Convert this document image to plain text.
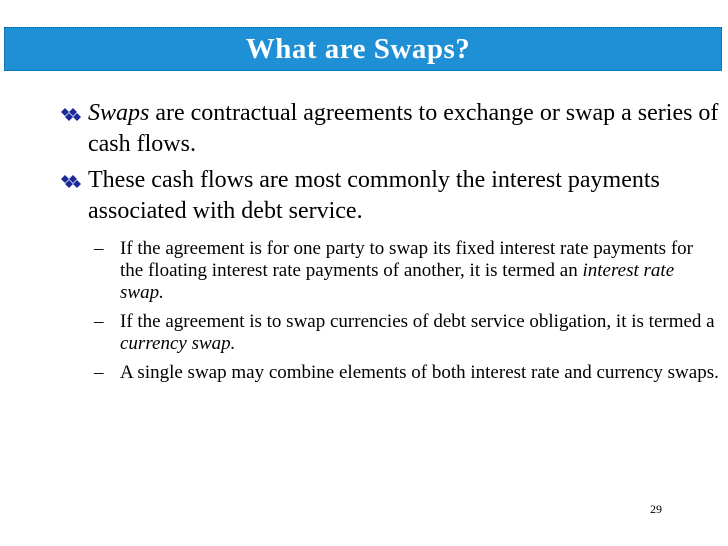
What are Swaps?
Swaps are contractual agreements to exchange or swap a series of cash flows.
These cash flows are most commonly the interest payments associated with debt service.
– If the agreement is for one party to swap its fixed interest rate payments for the floating interest rate payments of another, it is termed an interest rate swap.
– If the agreement is to swap currencies of debt service obligation, it is termed a currency swap.
– A single swap may combine elements of both interest rate and currency swaps.
29
